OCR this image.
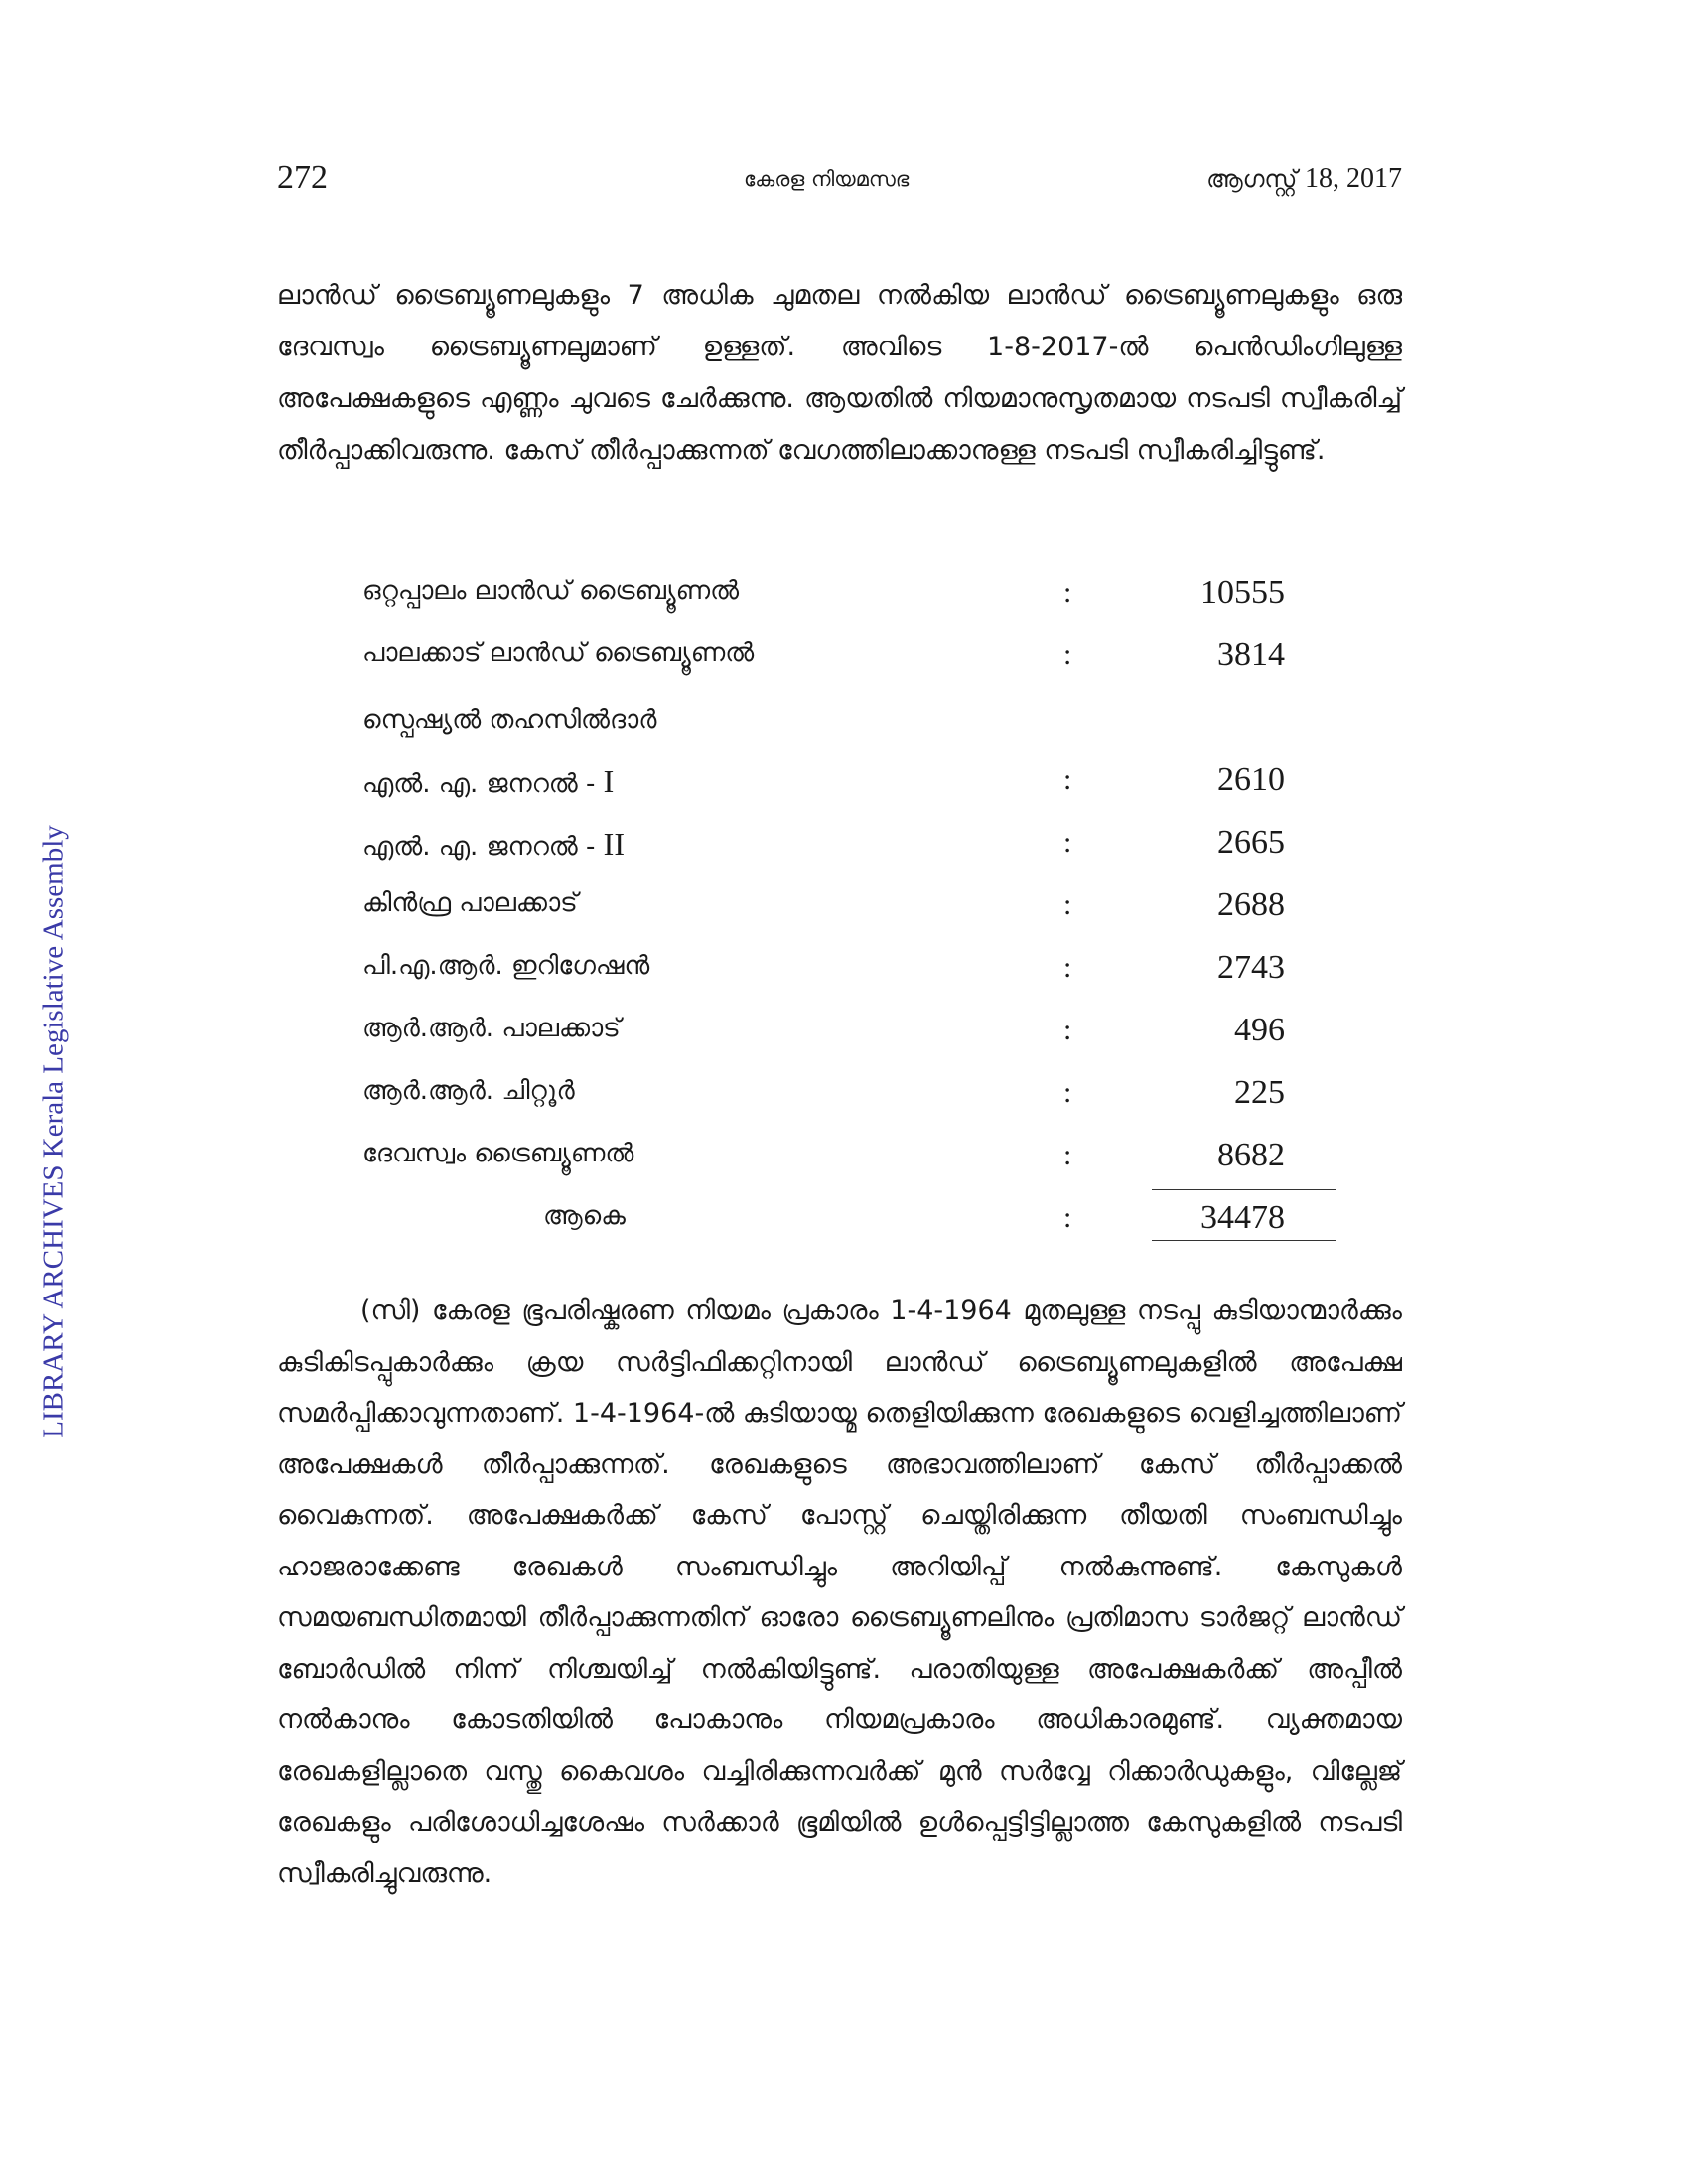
272	കേരള നിയമസഭ	ആഗസ്റ്റ് 18, 2017
LIBRARY ARCHIVES Kerala Legislative Assembly

ലാൻഡ് ട്രൈബ്യൂണലുകളും 7 അധിക ചുമതല നൽകിയ ലാൻഡ് ട്രൈബ്യൂണലുകളും ഒരു ദേവസ്വം ട്രൈബ്യൂണലുമാണ് ഉള്ളത്. അവിടെ 1-8-2017-ൽ പെൻഡിംഗിലുള്ള അപേക്ഷകളുടെ എണ്ണം ചുവടെ ചേർക്കുന്നു. ആയതിൽ നിയമാനുസൃതമായ നടപടി സ്വീകരിച്ച് തീർപ്പാക്കിവരുന്നു. കേസ് തീർപ്പാക്കുന്നത് വേഗത്തിലാക്കാനുള്ള നടപടി സ്വീകരിച്ചിട്ടുണ്ട്.

ഒറ്റപ്പാലം ലാൻഡ് ട്രൈബ്യൂണൽ	:	10555
പാലക്കാട് ലാൻഡ് ട്രൈബ്യൂണൽ	:	3814
സ്പെഷ്യൽ തഹസിൽദാർ
എൽ. എ. ജനറൽ - I	:	2610
എൽ. എ. ജനറൽ - II	:	2665
കിൻഫ്ര പാലക്കാട്	:	2688
പി.എ.ആർ. ഇറിഗേഷൻ	:	2743
ആർ.ആർ. പാലക്കാട്	:	496
ആർ.ആർ. ചിറ്റൂർ	:	225
ദേവസ്വം ട്രൈബ്യൂണൽ	:	8682
ആകെ	:	34478

(സി) കേരള ഭൂപരിഷ്കരണ നിയമം പ്രകാരം 1-4-1964 മുതലുള്ള നടപ്പു കുടിയാന്മാർക്കും കുടികിടപ്പുകാർക്കും ക്രയ സർട്ടിഫിക്കറ്റിനായി ലാൻഡ് ട്രൈബ്യൂണലുകളിൽ അപേക്ഷ സമർപ്പിക്കാവുന്നതാണ്. 1-4-1964-ൽ കുടിയായ്മ തെളിയിക്കുന്ന രേഖകളുടെ വെളിച്ചത്തിലാണ് അപേക്ഷകൾ തീർപ്പാക്കുന്നത്. രേഖകളുടെ അഭാവത്തിലാണ് കേസ് തീർപ്പാക്കൽ വൈകുന്നത്. അപേക്ഷകർക്ക് കേസ് പോസ്റ്റ് ചെയ്തിരിക്കുന്ന തീയതി സംബന്ധിച്ചും ഹാജരാക്കേണ്ട രേഖകൾ സംബന്ധിച്ചും അറിയിപ്പ് നൽകുന്നുണ്ട്. കേസുകൾ സമയബന്ധിതമായി തീർപ്പാക്കുന്നതിന് ഓരോ ട്രൈബ്യൂണലിനും പ്രതിമാസ ടാർജറ്റ് ലാൻഡ് ബോർഡിൽ നിന്ന് നിശ്ചയിച്ച് നൽകിയിട്ടുണ്ട്. പരാതിയുള്ള അപേക്ഷകർക്ക് അപ്പീൽ നൽകാനും കോടതിയിൽ പോകാനും നിയമപ്രകാരം അധികാരമുണ്ട്. വ്യക്തമായ രേഖകളില്ലാതെ വസ്തു കൈവശം വച്ചിരിക്കുന്നവർക്ക് മുൻ സർവ്വേ റിക്കാർഡുകളും, വില്ലേജ് രേഖകളും പരിശോധിച്ചശേഷം സർക്കാർ ഭൂമിയിൽ ഉൾപ്പെട്ടിട്ടില്ലാത്ത കേസുകളിൽ നടപടി സ്വീകരിച്ചുവരുന്നു.
